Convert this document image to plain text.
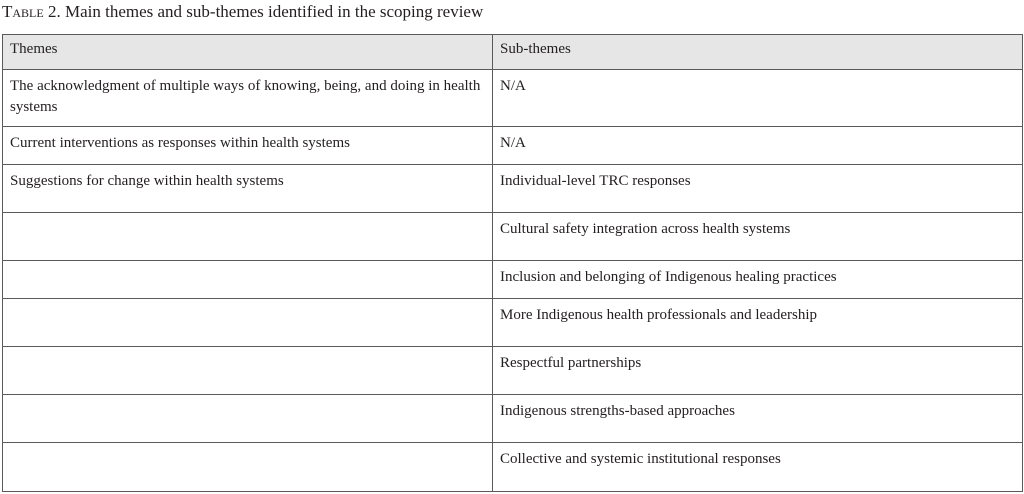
Table 2. Main themes and sub-themes identified in the scoping review
Themes	Sub-themes
The acknowledgment of multiple ways of knowing, being, and doing in health systems	N/A
Current interventions as responses within health systems	N/A
Suggestions for change within health systems	Individual-level TRC responses
	Cultural safety integration across health systems
	Inclusion and belonging of Indigenous healing practices
	More Indigenous health professionals and leadership
	Respectful partnerships
	Indigenous strengths-based approaches
	Collective and systemic institutional responses
